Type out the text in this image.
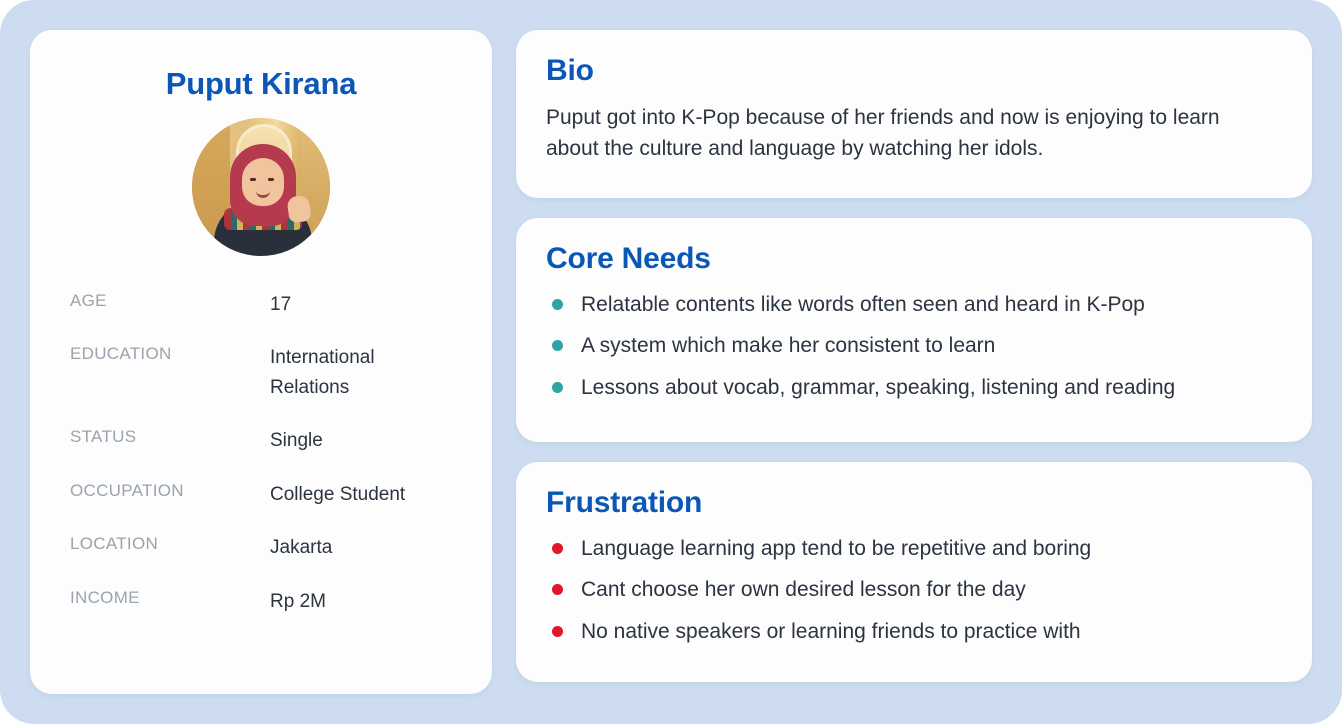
Puput Kirana
AGE	17
EDUCATION	International Relations
STATUS	Single
OCCUPATION	College Student
LOCATION	Jakarta
INCOME	Rp 2M
Bio
Puput got into K-Pop because of her friends and now is enjoying to learn about the culture and language by watching her idols.
Core Needs
Relatable contents like words often seen and heard in K-Pop
A system which make her consistent to learn
Lessons about vocab, grammar, speaking, listening and reading
Frustration
Language learning app tend to be repetitive and boring
Cant choose her own desired lesson for the day
No native speakers or learning friends to practice with
